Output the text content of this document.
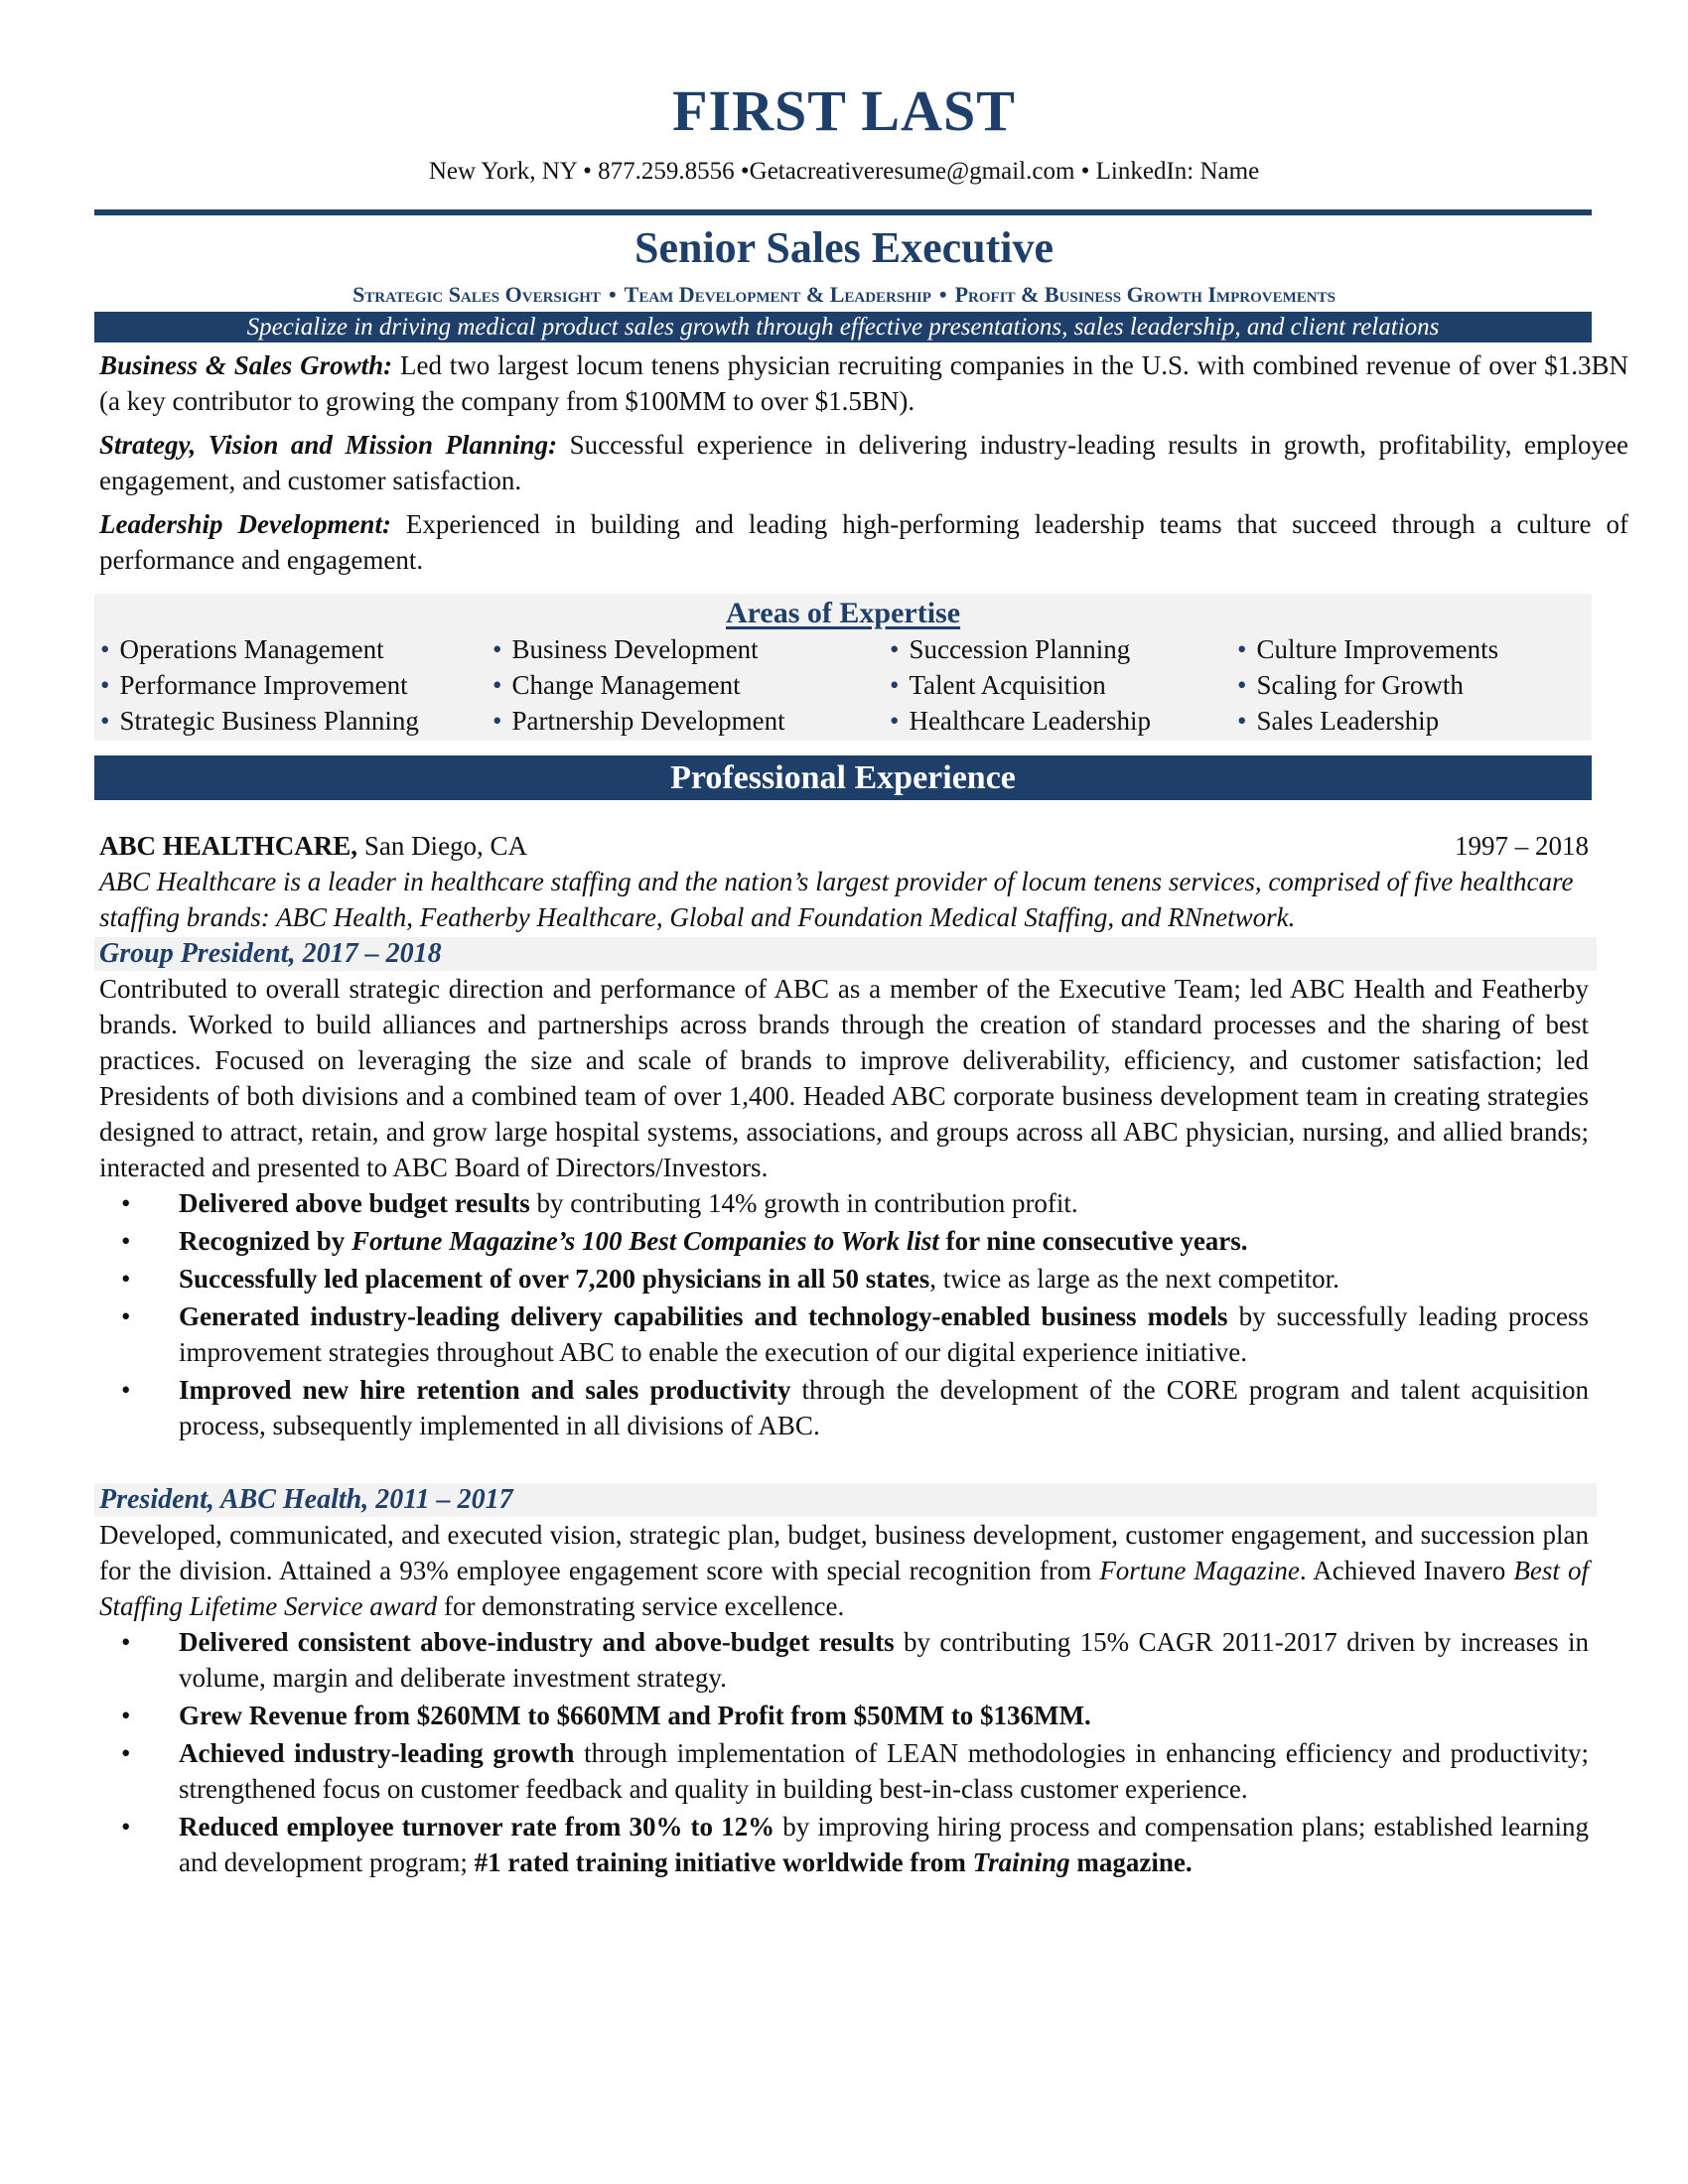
FIRST LAST
New York, NY • 877.259.8556 •Getacreativeresume@gmail.com • LinkedIn: Name
Senior Sales Executive
Strategic Sales Oversight • Team Development & Leadership • Profit & Business Growth Improvements
Specialize in driving medical product sales growth through effective presentations, sales leadership, and client relations

Business & Sales Growth: Led two largest locum tenens physician recruiting companies in the U.S. with combined revenue of over $1.3BN (a key contributor to growing the company from $100MM to over $1.5BN).

Strategy, Vision and Mission Planning: Successful experience in delivering industry-leading results in growth, profitability, employee engagement, and customer satisfaction.

Leadership Development: Experienced in building and leading high-performing leadership teams that succeed through a culture of performance and engagement.

Areas of Expertise
• Operations Management
• Performance Improvement
• Strategic Business Planning
• Business Development
• Change Management
• Partnership Development
• Succession Planning
• Talent Acquisition
• Healthcare Leadership
• Culture Improvements
• Scaling for Growth
• Sales Leadership
Professional Experience
ABC HEALTHCARE, San Diego, CA	1997 – 2018

ABC Healthcare is a leader in healthcare staffing and the nation’s largest provider of locum tenens services, comprised of five healthcare staffing brands: ABC Health, Featherby Healthcare, Global and Foundation Medical Staffing, and RNnetwork.

Group President, 2017 – 2018

Contributed to overall strategic direction and performance of ABC as a member of the Executive Team; led ABC Health and Featherby brands. Worked to build alliances and partnerships across brands through the creation of standard processes and the sharing of best practices. Focused on leveraging the size and scale of brands to improve deliverability, efficiency, and customer satisfaction; led Presidents of both divisions and a combined team of over 1,400. Headed ABC corporate business development team in creating strategies designed to attract, retain, and grow large hospital systems, associations, and groups across all ABC physician, nursing, and allied brands; interacted and presented to ABC Board of Directors/Investors.

• Delivered above budget results by contributing 14% growth in contribution profit.
• Recognized by Fortune Magazine’s 100 Best Companies to Work list for nine consecutive years.
• Successfully led placement of over 7,200 physicians in all 50 states, twice as large as the next competitor.
• Generated industry-leading delivery capabilities and technology-enabled business models by successfully leading process improvement strategies throughout ABC to enable the execution of our digital experience initiative.
• Improved new hire retention and sales productivity through the development of the CORE program and talent acquisition process, subsequently implemented in all divisions of ABC.
President, ABC Health, 2011 – 2017

Developed, communicated, and executed vision, strategic plan, budget, business development, customer engagement, and succession plan for the division. Attained a 93% employee engagement score with special recognition from Fortune Magazine. Achieved Inavero Best of Staffing Lifetime Service award for demonstrating service excellence.

• Delivered consistent above-industry and above-budget results by contributing 15% CAGR 2011-2017 driven by increases in volume, margin and deliberate investment strategy.
• Grew Revenue from $260MM to $660MM and Profit from $50MM to $136MM.
• Achieved industry-leading growth through implementation of LEAN methodologies in enhancing efficiency and productivity; strengthened focus on customer feedback and quality in building best-in-class customer experience.
• Reduced employee turnover rate from 30% to 12% by improving hiring process and compensation plans; established learning and development program; #1 rated training initiative worldwide from Training magazine.
